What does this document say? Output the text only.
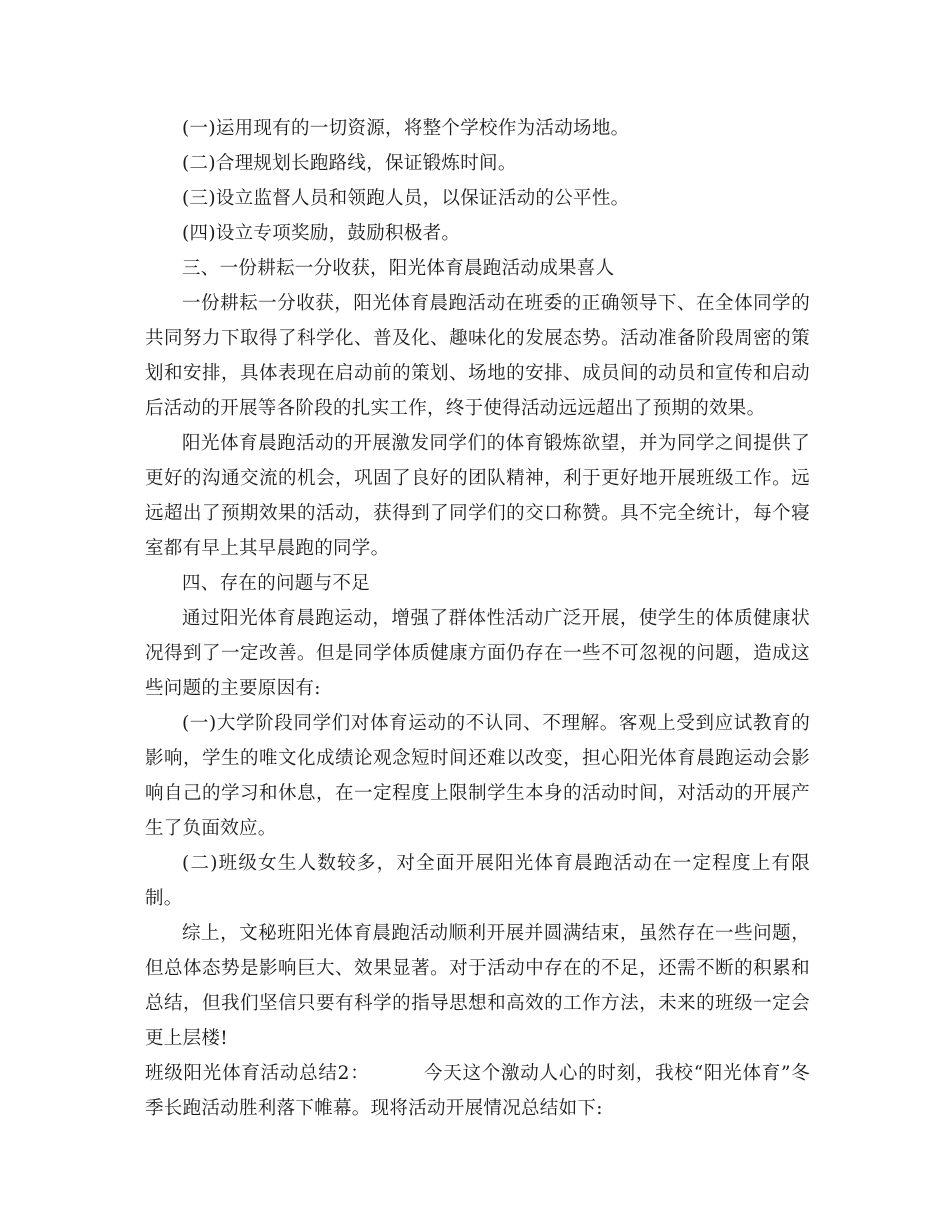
(一)运用现有的一切资源，将整个学校作为活动场地。

(二)合理规划长跑路线，保证锻炼时间。

(三)设立监督人员和领跑人员，以保证活动的公平性。

(四)设立专项奖励，鼓励积极者。

三、一份耕耘一分收获，阳光体育晨跑活动成果喜人

一份耕耘一分收获，阳光体育晨跑活动在班委的正确领导下、在全体同学的共同努力下取得了科学化、普及化、趣味化的发展态势。活动准备阶段周密的策划和安排，具体表现在启动前的策划、场地的安排、成员间的动员和宣传和启动后活动的开展等各阶段的扎实工作，终于使得活动远远超出了预期的效果。

阳光体育晨跑活动的开展激发同学们的体育锻炼欲望，并为同学之间提供了更好的沟通交流的机会，巩固了良好的团队精神，利于更好地开展班级工作。远远超出了预期效果的活动，获得到了同学们的交口称赞。具不完全统计，每个寝室都有早上其早晨跑的同学。

四、存在的问题与不足

通过阳光体育晨跑运动，增强了群体性活动广泛开展，使学生的体质健康状况得到了一定改善。但是同学体质健康方面仍存在一些不可忽视的问题，造成这些问题的主要原因有:

(一)大学阶段同学们对体育运动的不认同、不理解。客观上受到应试教育的影响，学生的唯文化成绩论观念短时间还难以改变，担心阳光体育晨跑运动会影响自己的学习和休息，在一定程度上限制学生本身的活动时间，对活动的开展产生了负面效应。

(二)班级女生人数较多，对全面开展阳光体育晨跑活动在一定程度上有限制。

综上，文秘班阳光体育晨跑活动顺利开展并圆满结束，虽然存在一些问题，但总体态势是影响巨大、效果显著。对于活动中存在的不足，还需不断的积累和总结，但我们坚信只要有科学的指导思想和高效的工作方法，未来的班级一定会更上层楼!

班级阳光体育活动总结2：	今天这个激动人心的时刻，我校“阳光体育”冬季长跑活动胜利落下帷幕。现将活动开展情况总结如下:
